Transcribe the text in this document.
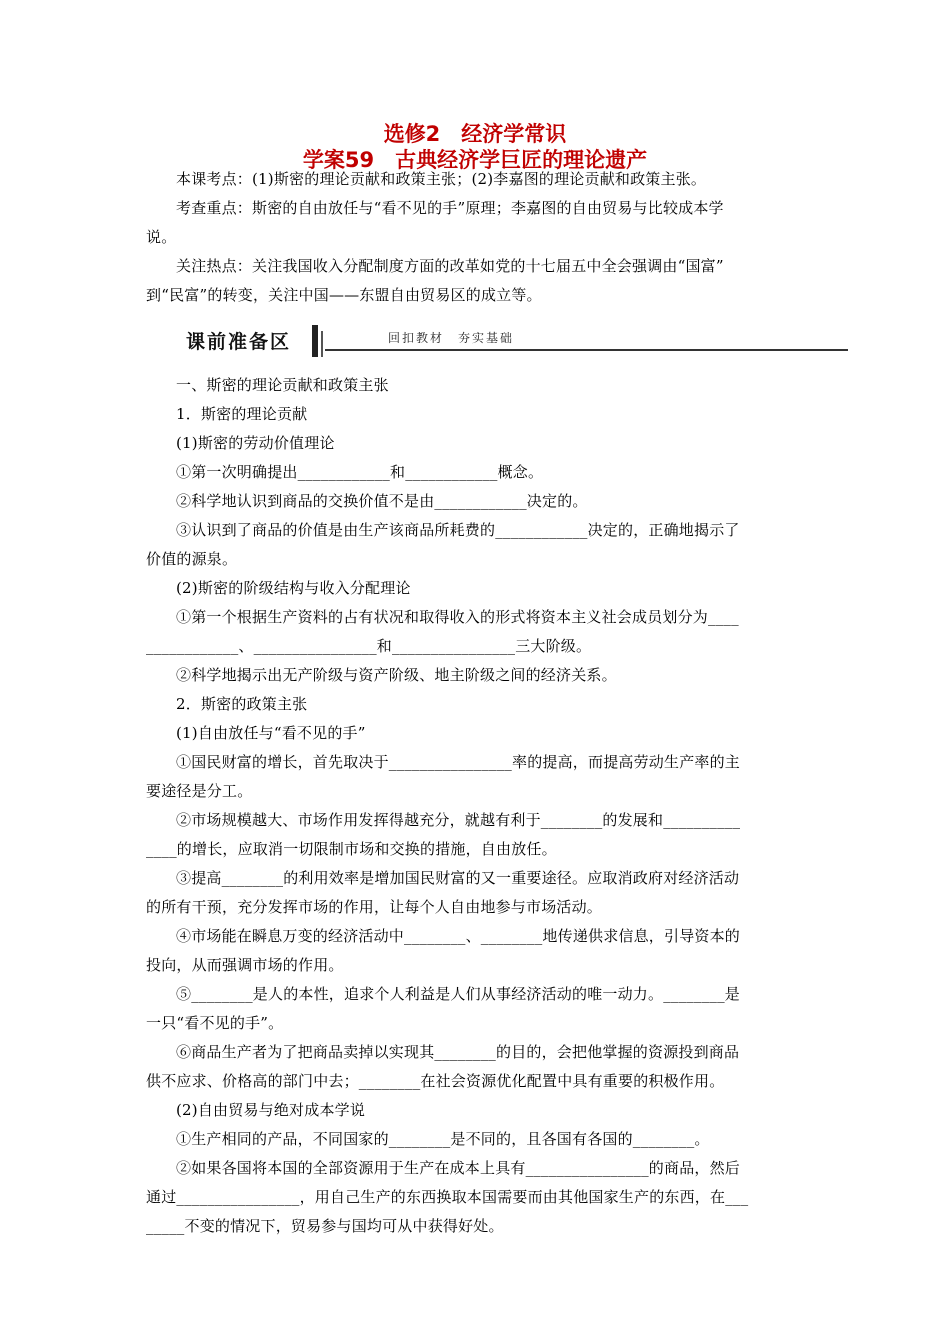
选修2　经济学常识
学案59　古典经济学巨匠的理论遗产

本课考点：(1)斯密的理论贡献和政策主张；(2)李嘉图的理论贡献和政策主张。

考查重点：斯密的自由放任与“看不见的手”原理；李嘉图的自由贸易与比较成本学

说。

关注热点：关注我国收入分配制度方面的改革如党的十七届五中全会强调由“国富”

到“民富”的转变，关注中国——东盟自由贸易区的成立等。

课前准备区	回扣教材　夯实基础

一、斯密的理论贡献和政策主张

1．斯密的理论贡献

(1)斯密的劳动价值理论

①第一次明确提出____________和____________概念。

②科学地认识到商品的交换价值不是由____________决定的。

③认识到了商品的价值是由生产该商品所耗费的____________决定的，正确地揭示了

价值的源泉。

(2)斯密的阶级结构与收入分配理论

①第一个根据生产资料的占有状况和取得收入的形式将资本主义社会成员划分为____

____________、________________和________________三大阶级。

②科学地揭示出无产阶级与资产阶级、地主阶级之间的经济关系。

2．斯密的政策主张

(1)自由放任与“看不见的手”

①国民财富的增长，首先取决于________________率的提高，而提高劳动生产率的主

要途径是分工。

②市场规模越大、市场作用发挥得越充分，就越有利于________的发展和__________

____的增长，应取消一切限制市场和交换的措施，自由放任。

③提高________的利用效率是增加国民财富的又一重要途径。应取消政府对经济活动

的所有干预，充分发挥市场的作用，让每个人自由地参与市场活动。

④市场能在瞬息万变的经济活动中________、________地传递供求信息，引导资本的

投向，从而强调市场的作用。

⑤________是人的本性，追求个人利益是人们从事经济活动的唯一动力。________是

一只“看不见的手”。

⑥商品生产者为了把商品卖掉以实现其________的目的，会把他掌握的资源投到商品

供不应求、价格高的部门中去；________在社会资源优化配置中具有重要的积极作用。

(2)自由贸易与绝对成本学说

①生产相同的产品，不同国家的________是不同的，且各国有各国的________。

②如果各国将本国的全部资源用于生产在成本上具有________________的商品，然后

通过________________，用自己生产的东西换取本国需要而由其他国家生产的东西，在___

_____不变的情况下，贸易参与国均可从中获得好处。
